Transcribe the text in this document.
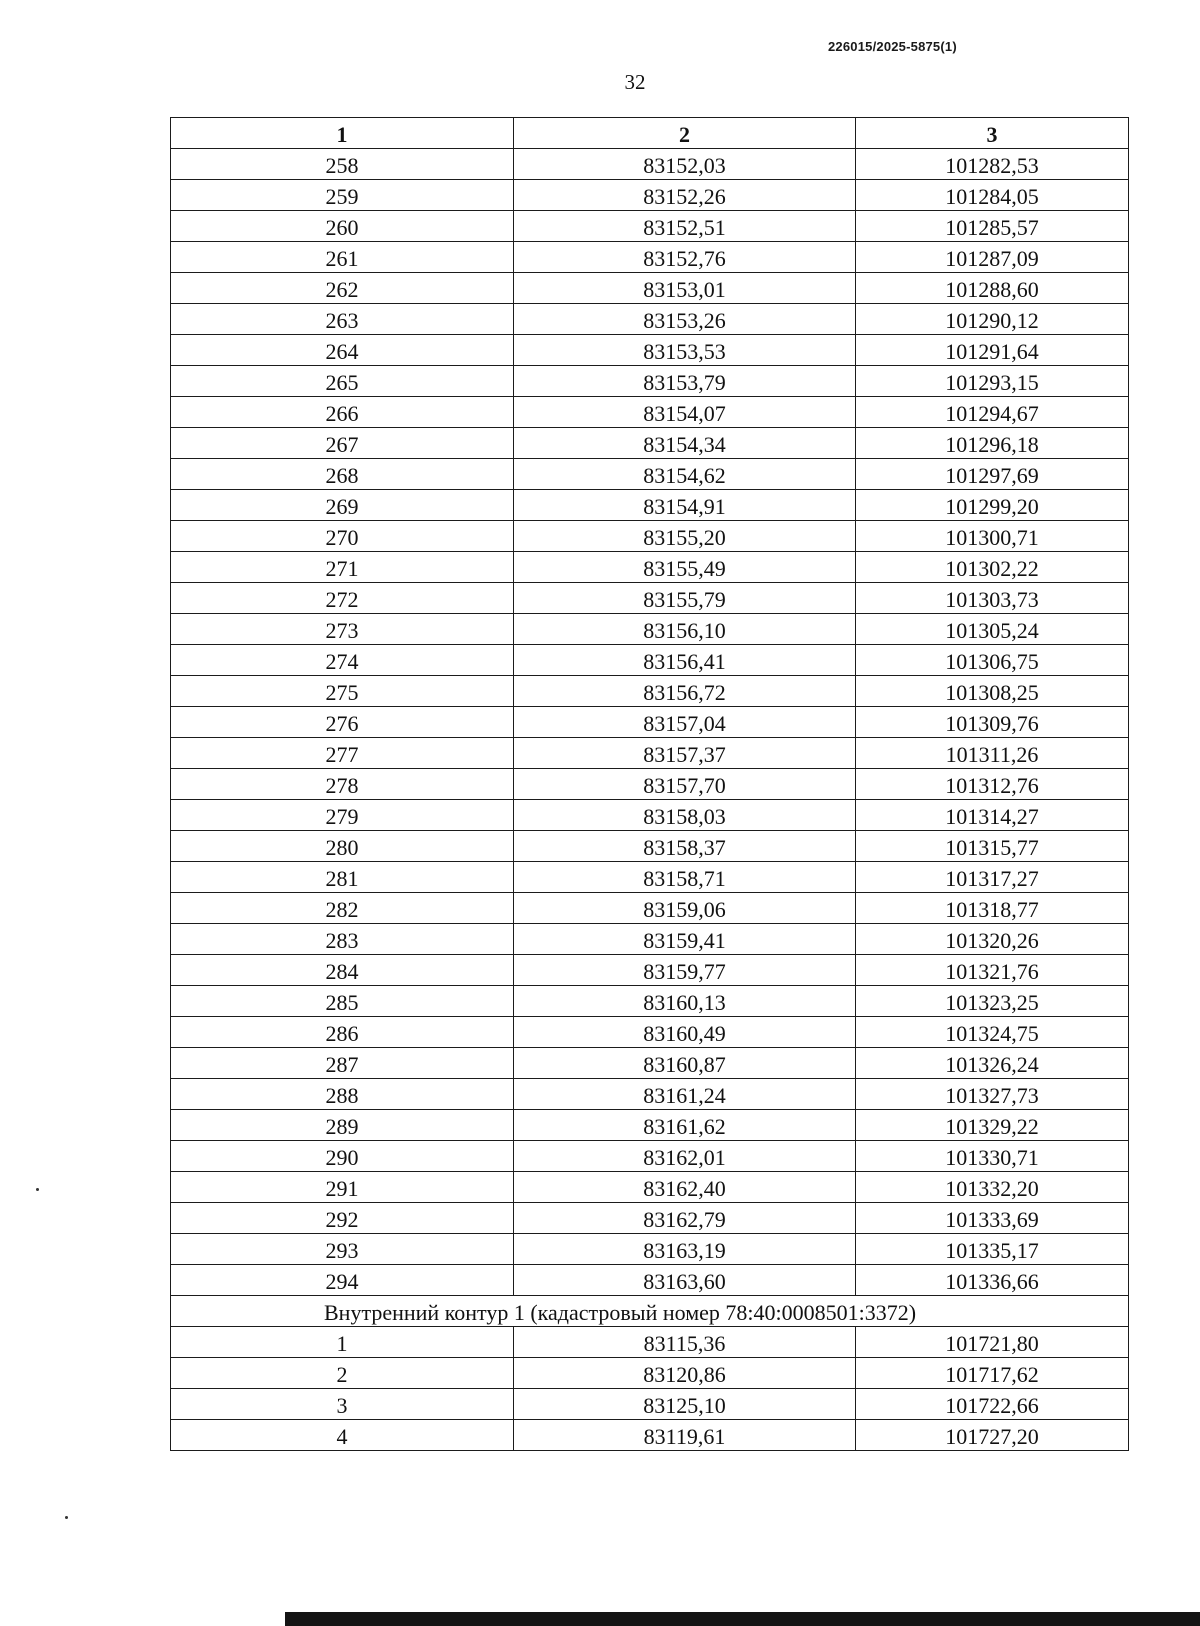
226015/2025-5875(1)
32
1	2	3
258	83152,03	101282,53
259	83152,26	101284,05
260	83152,51	101285,57
261	83152,76	101287,09
262	83153,01	101288,60
263	83153,26	101290,12
264	83153,53	101291,64
265	83153,79	101293,15
266	83154,07	101294,67
267	83154,34	101296,18
268	83154,62	101297,69
269	83154,91	101299,20
270	83155,20	101300,71
271	83155,49	101302,22
272	83155,79	101303,73
273	83156,10	101305,24
274	83156,41	101306,75
275	83156,72	101308,25
276	83157,04	101309,76
277	83157,37	101311,26
278	83157,70	101312,76
279	83158,03	101314,27
280	83158,37	101315,77
281	83158,71	101317,27
282	83159,06	101318,77
283	83159,41	101320,26
284	83159,77	101321,76
285	83160,13	101323,25
286	83160,49	101324,75
287	83160,87	101326,24
288	83161,24	101327,73
289	83161,62	101329,22
290	83162,01	101330,71
291	83162,40	101332,20
292	83162,79	101333,69
293	83163,19	101335,17
294	83163,60	101336,66
Внутренний контур 1 (кадастровый номер 78:40:0008501:3372)		
1	83115,36	101721,80
2	83120,86	101717,62
3	83125,10	101722,66
4	83119,61	101727,20
